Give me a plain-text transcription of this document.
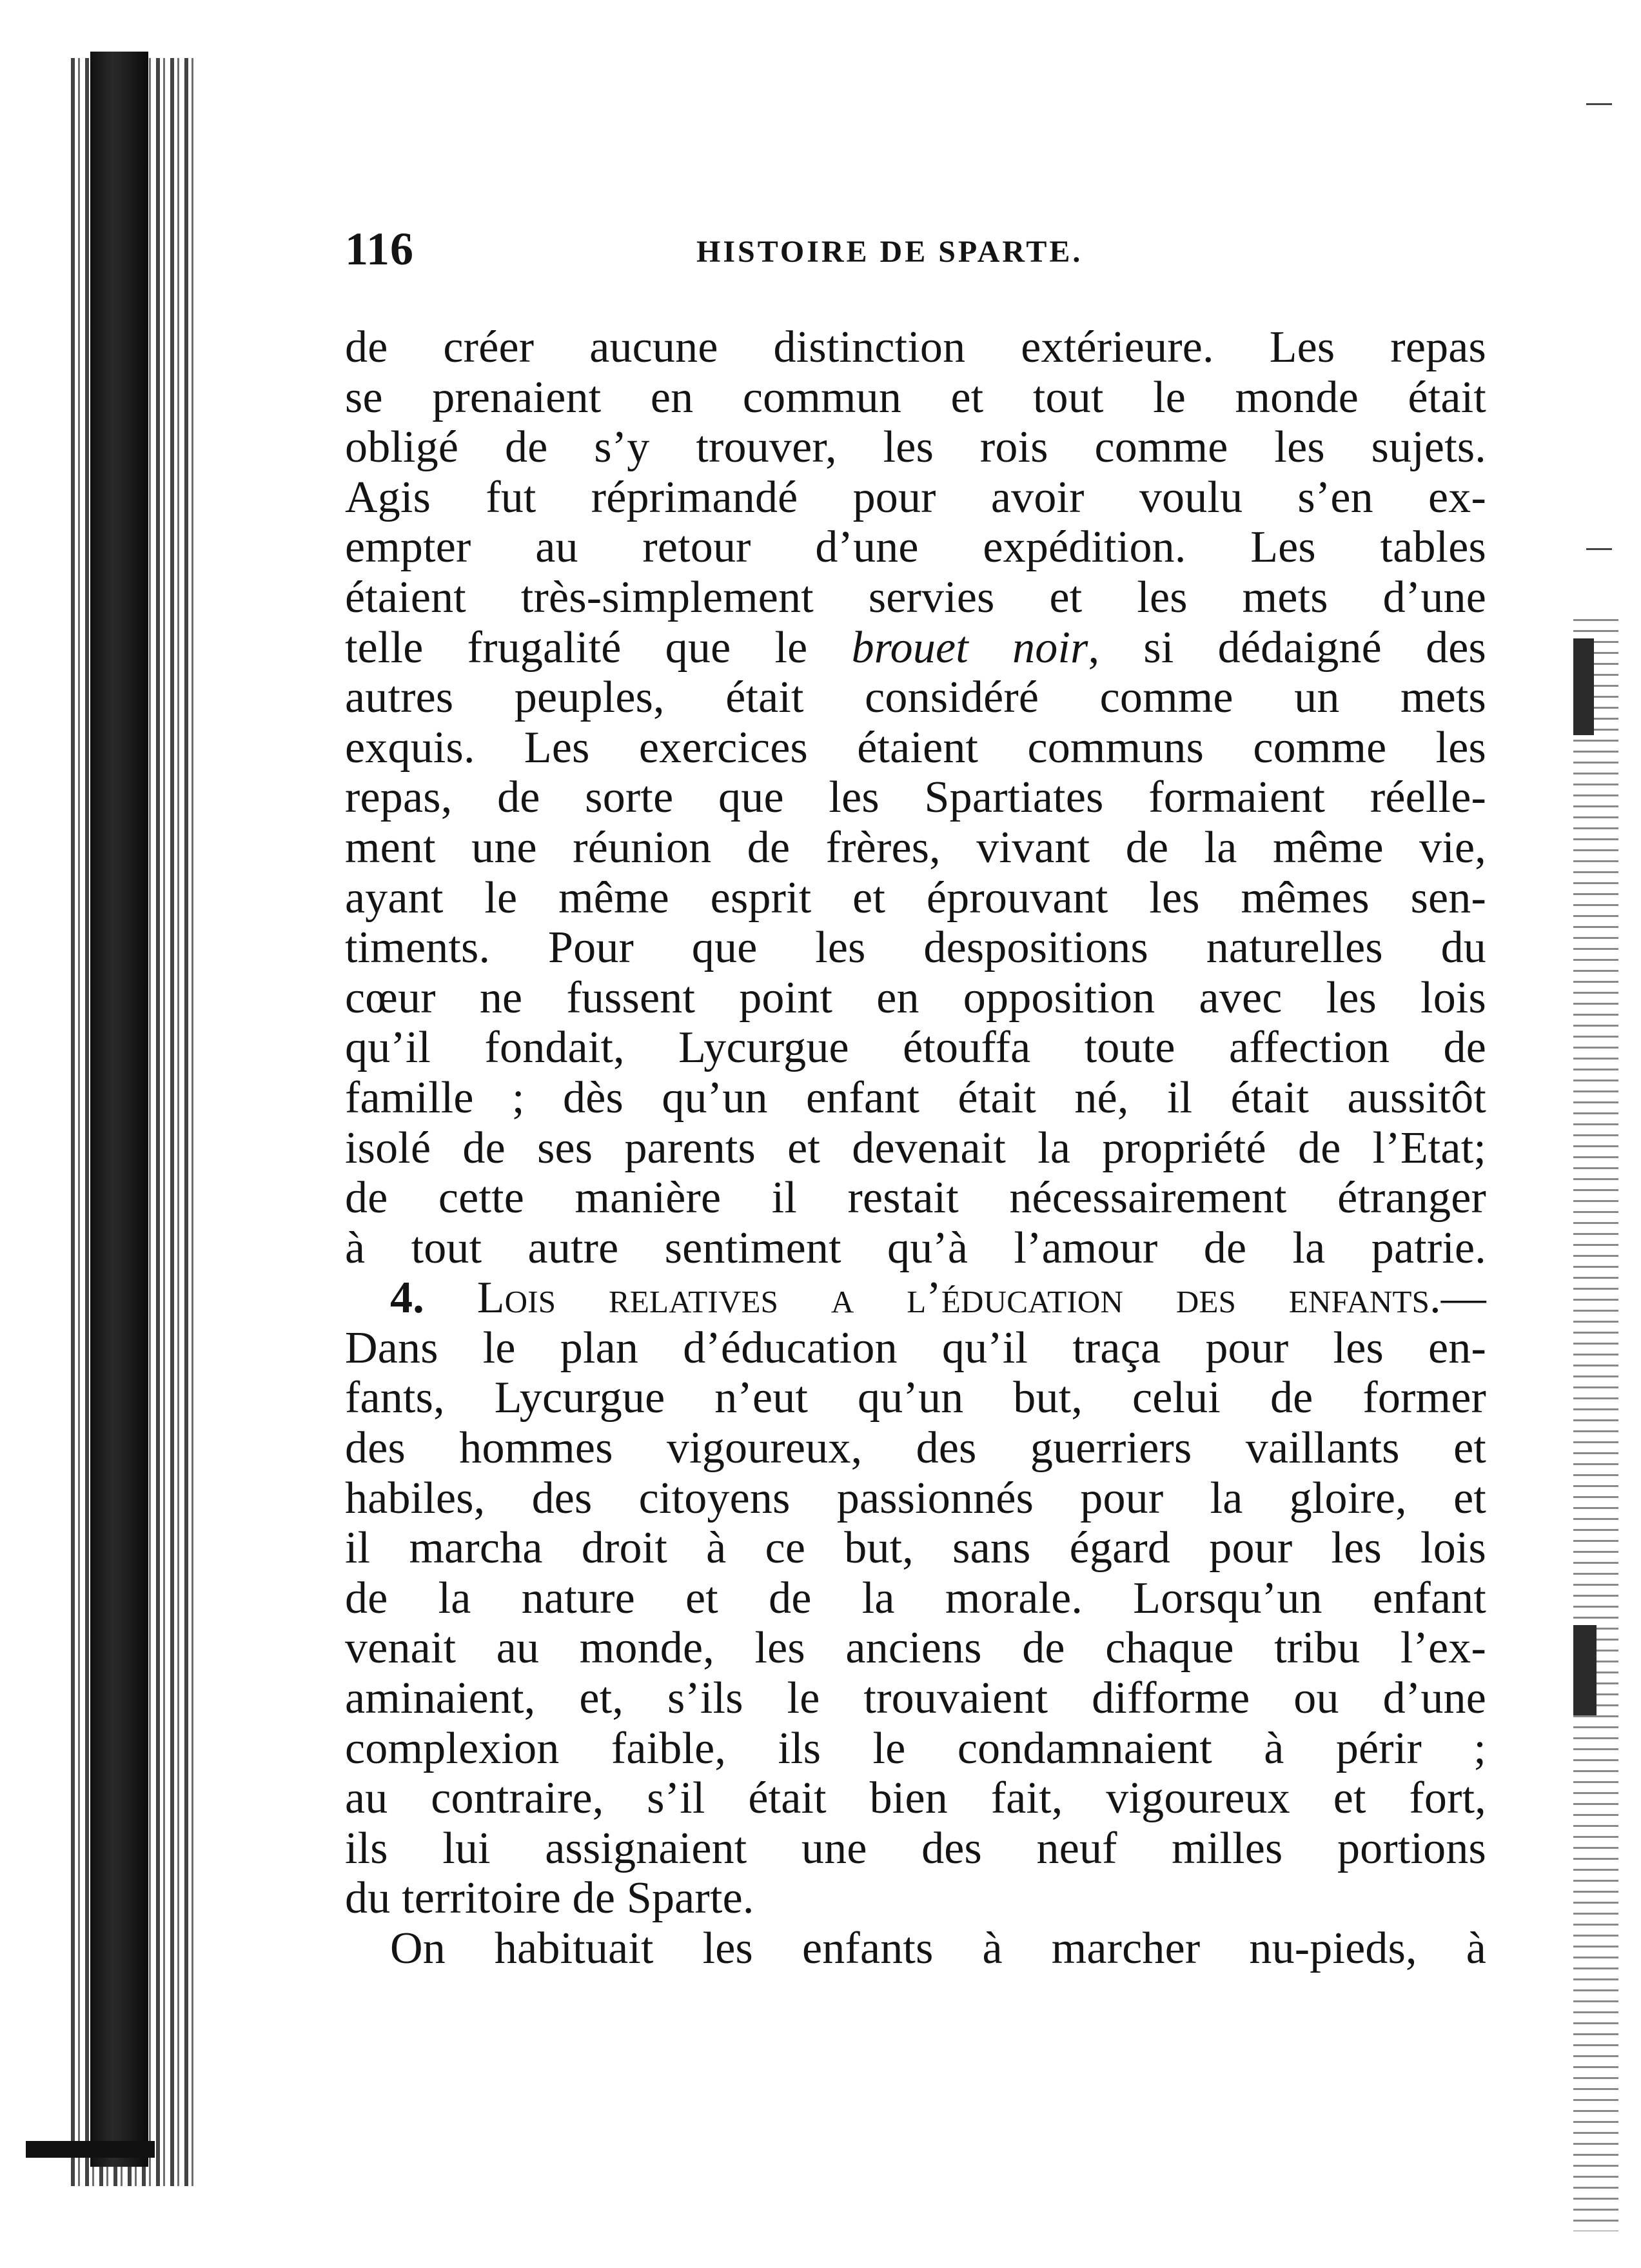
116	HISTOIRE DE SPARTE.
de créer aucune distinction extérieure. Les repas
se prenaient en commun et tout le monde était
obligé de s’y trouver, les rois comme les sujets.
Agis fut réprimandé pour avoir voulu s’en ex-
empter au retour d’une expédition. Les tables
étaient très-simplement servies et les mets d’une
telle frugalité que le brouet noir, si dédaigné des
autres peuples, était considéré comme un mets
exquis. Les exercices étaient communs comme les
repas, de sorte que les Spartiates formaient réelle-
ment une réunion de frères, vivant de la même vie,
ayant le même esprit et éprouvant les mêmes sen-
timents. Pour que les despositions naturelles du
cœur ne fussent point en opposition avec les lois
qu’il fondait, Lycurgue étouffa toute affection de
famille ; dès qu’un enfant était né, il était aussitôt
isolé de ses parents et devenait la propriété de l’Etat;
de cette manière il restait nécessairement étranger
à tout autre sentiment qu’à l’amour de la patrie.
4. Lois relatives a l’éducation des enfants.—
Dans le plan d’éducation qu’il traça pour les en-
fants, Lycurgue n’eut qu’un but, celui de former
des hommes vigoureux, des guerriers vaillants et
habiles, des citoyens passionnés pour la gloire, et
il marcha droit à ce but, sans égard pour les lois
de la nature et de la morale. Lorsqu’un enfant
venait au monde, les anciens de chaque tribu l’ex-
aminaient, et, s’ils le trouvaient difforme ou d’une
complexion faible, ils le condamnaient à périr ;
au contraire, s’il était bien fait, vigoureux et fort,
ils lui assignaient une des neuf milles portions
du territoire de Sparte.
On habituait les enfants à marcher nu-pieds, à
